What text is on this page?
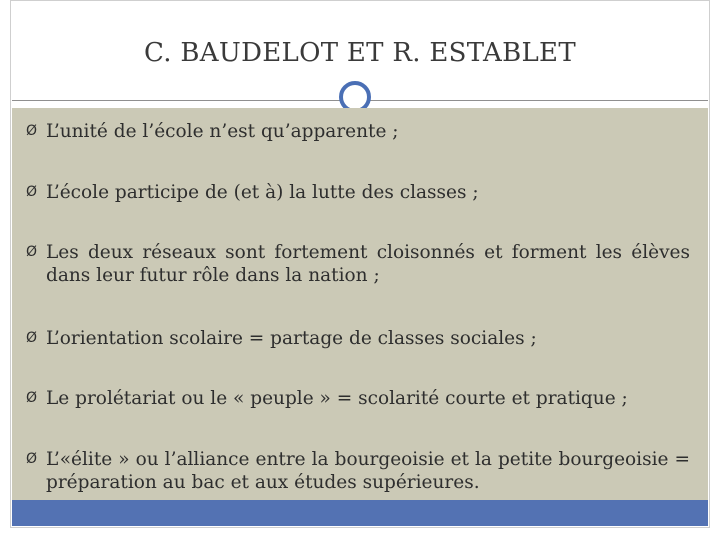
C. BAUDELOT ET R. ESTABLET
Ø L’unité de l’école n’est qu’apparente ;
Ø L’école participe de (et à) la lutte des classes ;
Ø Les deux réseaux sont fortement cloisonnés et forment les élèves dans leur futur rôle dans la nation ;
Ø L’orientation scolaire = partage de classes sociales ;
Ø Le prolétariat ou le « peuple » = scolarité courte et pratique ;
Ø L’«élite » ou l’alliance entre la bourgeoisie et la petite bourgeoisie = préparation au bac et aux études supérieures.
